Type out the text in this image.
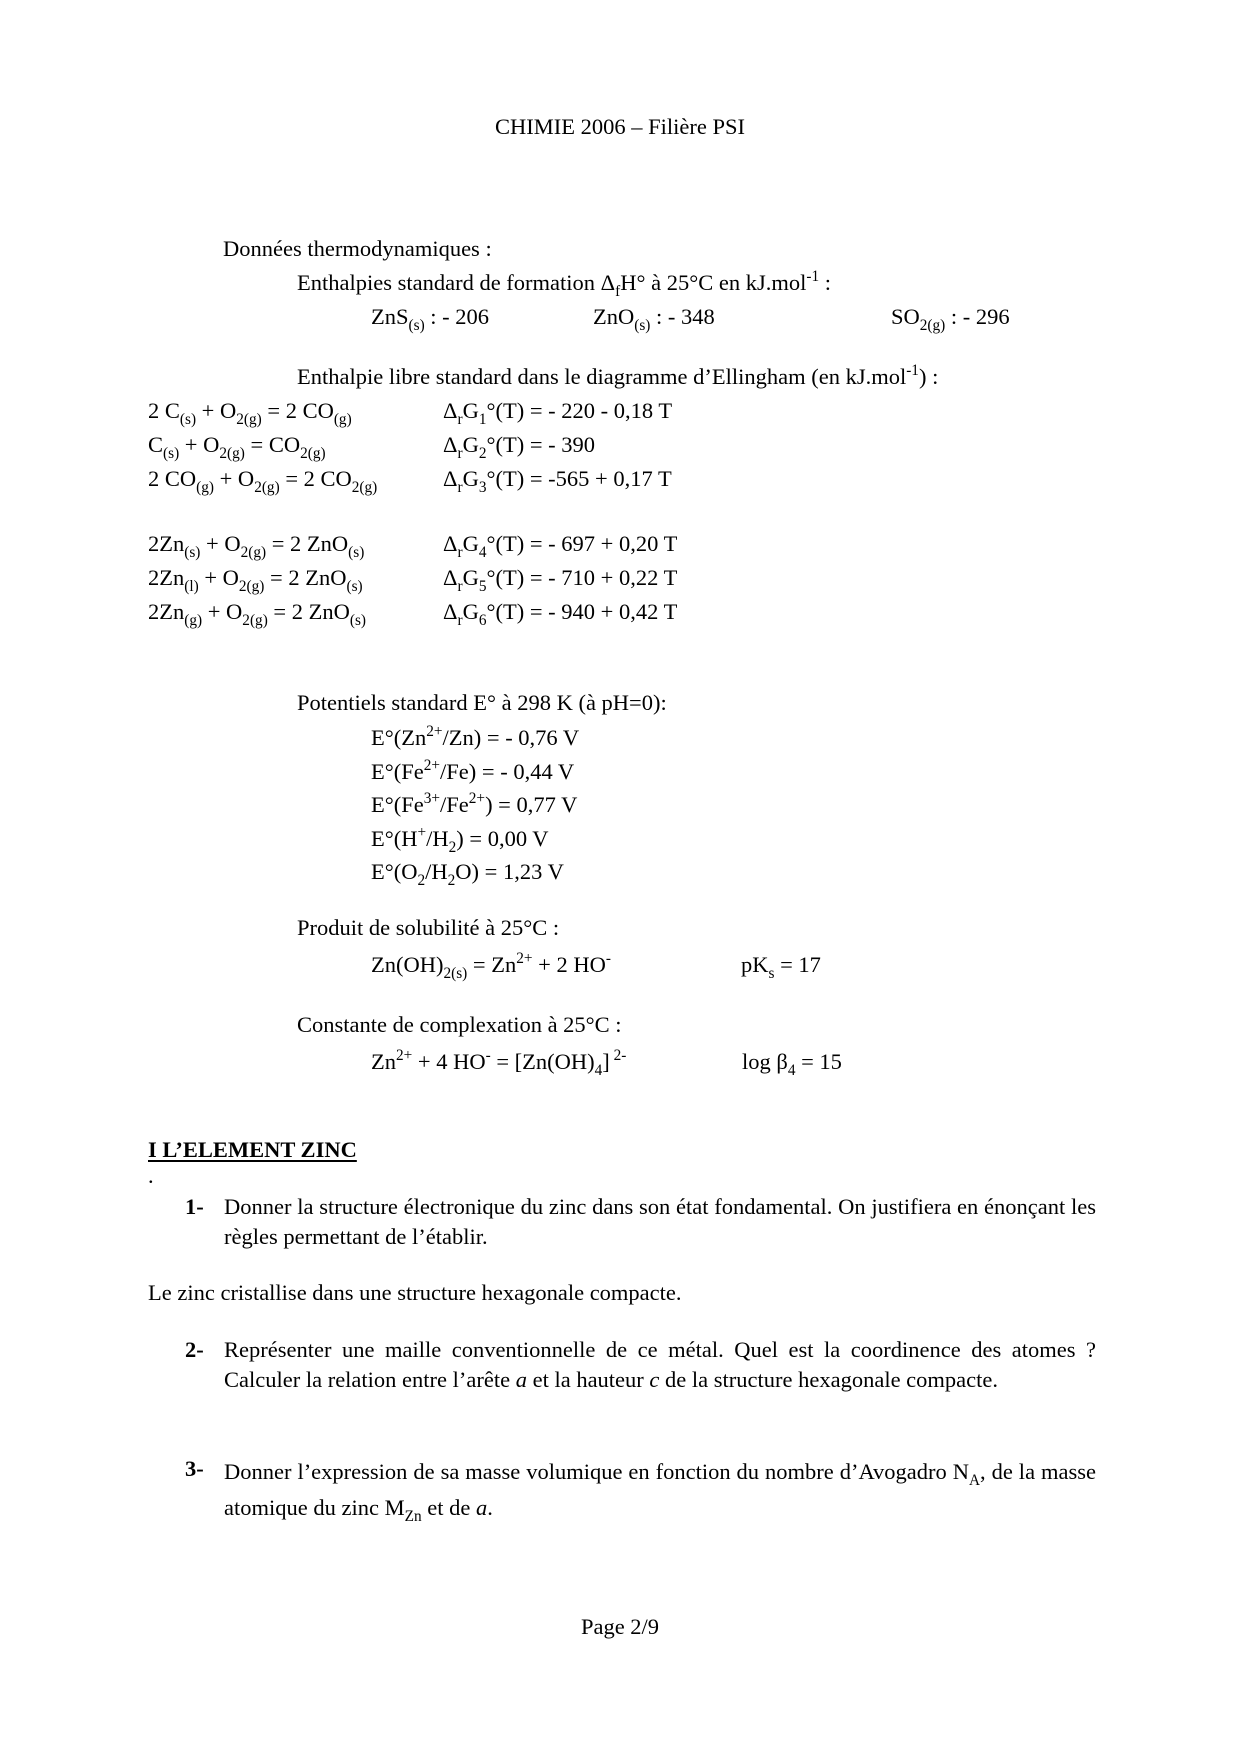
CHIMIE 2006 – Filière PSI
Données thermodynamiques :
Enthalpies standard de formation $\Delta_fH^\circ$ à 25°C en kJ.mol$^{-1}$ :
ZnS$_{(s)}$ : - 206	ZnO$_{(s)}$ : - 348	$SO_{2(g)}$ : - 296
Enthalpie libre standard dans le diagramme d’Ellingham (en kJ.mol$^{-1}$) :
2 $C_{(s)} + O_{2(g)} = 2$ $CO_{(g)}$	$\Delta_rG_1^\circ(T)$ = - 220 - 0,18 T
$C_{(s)} + O_{2(g)} = CO_{2(g)}$	$\Delta_rG_2^\circ(T)$ = - 390
2 $CO_{(g)} + O_{2(g)} = 2$ $CO_{2(g)}$	$\Delta_rG_3^\circ(T) = -565 + 0,17$ T
$2Zn_{(s)} + O_{2(g)} = 2$ ZnO$_{(s)}$	$\Delta_rG_4^\circ(T)$ = - 697 + 0,20 T
$2Zn_{(l)} + O_{2(g)} = 2$ ZnO$_{(s)}$	$\Delta_rG_5^\circ(T)$ = - 710 + 0,22 T
$2Zn_{(g)} + O_{2(g)} = 2$ ZnO$_{(s)}$	$\Delta_rG_6^\circ(T)$ = - 940 + 0,42 T
Potentiels standard E° à 298 K (à pH=0):
$E^\circ(Zn^{2+}/Zn)$ = - 0,76 V
$E^\circ(Fe^{2+}/Fe)$ = - 0,44 V
$E^\circ(Fe^{3+}/Fe^{2+}) = 0,77$ V
$E^\circ(H^+/H_2) = 0,00$ V
$E^\circ(O_2/H_2O) = 1,23$ V
Produit de solubilité à 25°C :
$Zn(OH)_{2(s)} = Zn^{2+} + 2$ HO-	$pK_s = 17$
Constante de complexation à 25°C :
$Zn^{2+} + 4$ $HO^- = [Zn(OH)_4]$ $^{2-}$	$\log \beta_4 = 15$
I L’ELEMENT ZINC
.
1- Donner la structure électronique du zinc dans son état fondamental. On justifiera en énonçant les règles permettant de l’établir.
Le zinc cristallise dans une structure hexagonale compacte.
2- Représenter une maille conventionnelle de ce métal. Quel est la coordinence des atomes ? Calculer la relation entre l’arête a et la hauteur c de la structure hexagonale compacte.
3- Donner l’expression de sa masse volumique en fonction du nombre d’Avogadro $N_A$, de la masse atomique du zinc $M_{Zn}$ et de a.
Page 2/9
